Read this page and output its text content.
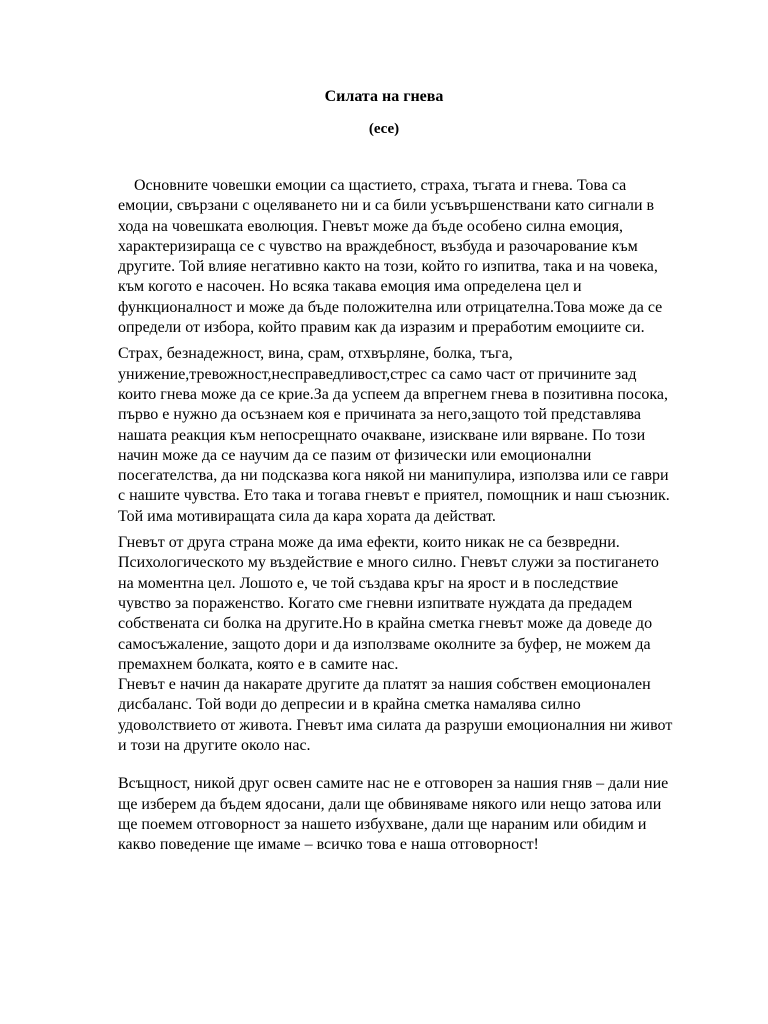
Силата на гнева
(есе)
Основните човешки емоции са щастието, страха, тъгата и гнева. Това са
емоции, свързани с оцеляването ни и са били усъвършенствани като сигнали в
хода на човешката еволюция. Гневът може да бъде особено силна емоция,
характеризираща се с чувство на враждебност, възбуда и разочарование към
другите. Той влияе негативно както на този, който го изпитва, така и на човека,
към когото е насочен. Но всяка такава емоция има определена цел и
функционалност и може да бъде положителна или отрицателна.Това може да се
определи от избора, който правим как да изразим и преработим емоциите си.
Страх, безнадежност, вина, срам, отхвърляне, болка, тъга,
унижение,тревожност,несправедливост,стрес са само част от причините зад
които гнева може да се крие.За да успеем да впрегнем гнева в позитивна посока,
първо е нужно да осъзнаем коя е причината за него,защото той представлява
нашата реакция към непосрещнато очакване, изискване или вярване. По този
начин може да се научим да се пазим от физически или емоционални
посегателства, да ни подсказва кога някой ни манипулира, използва или се гаври
с нашите чувства. Ето така и тогава гневът е приятел, помощник и наш съюзник.
Той има мотивиращата сила да кара хората да действат.
Гневът от друга страна може да има ефекти, които никак не са безвредни.
Психологическото му въздействие е много силно. Гневът служи за постигането
на моментна цел. Лошото е, че той създава кръг на ярост и в последствие
чувство за пораженство. Когато сме гневни изпитвате нуждата да предадем
собствената си болка на другите.Но в крайна сметка гневът може да доведе до
самосъжаление, защото дори и да използваме околните за буфер, не можем да
премахнем болката, която е в самите нас.
Гневът е начин да накарате другите да платят за нашия собствен емоционален
дисбаланс. Той води до депресии и в крайна сметка намалява силно
удоволствието от живота. Гневът има силата да разруши емоционалния ни живот
и този на другите около нас.
Всъщност, никой друг освен самите нас не е отговорен за нашия гняв – дали ние
ще изберем да бъдем ядосани, дали ще обвиняваме някого или нещо затова или
ще поемем отговорност за нашето избухване, дали ще нараним или обидим и
какво поведение ще имаме – всичко това е наша отговорност!
